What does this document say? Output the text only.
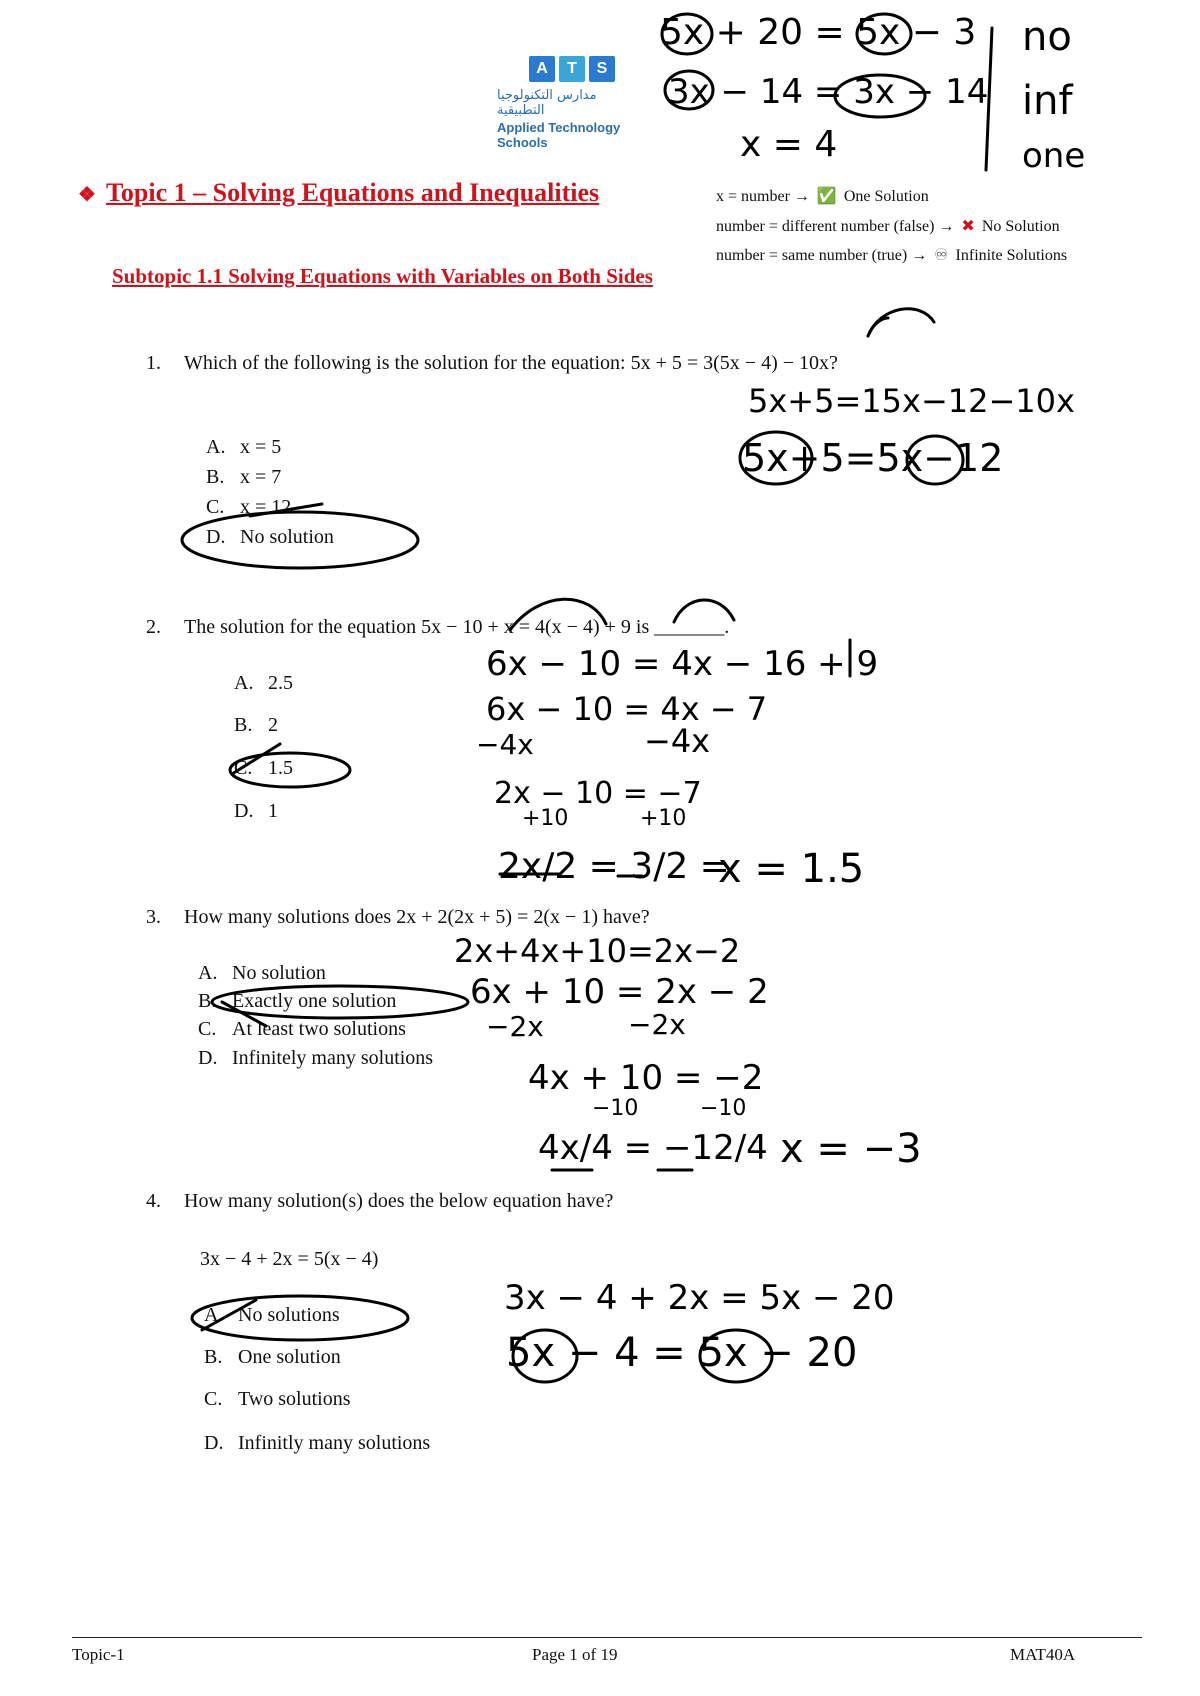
A	T	S
مدارس التكنولوجيا التطبيقية
Applied Technology Schools
5x + 20 = 5x − 3
3x − 14 = 3x − 14
x = 4
no
inf
one
❖ Topic 1 – Solving Equations and Inequalities	x = number → ✅ One Solution
number = different number (false) → ✖ No Solution
number = same number (true) → ♾ Infinite Solutions
Subtopic 1.1 Solving Equations with Variables on Both Sides
1. Which of the following is the solution for the equation: 5x + 5 = 3(5x − 4) − 10x?
A. x = 5
B. x = 7
C. x = 12
D. No solution
5x+5=15x−12−10x
5x+5=5x−12
2. The solution for the equation 5x − 10 + x = 4(x − 4) + 9 is _______.
A. 2.5
B. 2
C. 1.5
D. 1
6x − 10 = 4x − 16 + 9
6x − 10 = 4x − 7
−4x	−4x
2x − 10 = −7
+10	+10
2x/2 = 3/2 =
x = 1.5
3. How many solutions does 2x + 2(2x + 5) = 2(x − 1) have?
A. No solution
B. Exactly one solution
C. At least two solutions
D. Infinitely many solutions
2x+4x+10=2x−2
6x + 10 = 2x − 2
−2x	−2x
4x + 10 = −2
−10	−10
4x/4 = −12/4 x = −3
4. How many solution(s) does the below equation have?
3x − 4 + 2x = 5(x − 4)
A. No solutions
B. One solution
C. Two solutions
D. Infinitly many solutions
3x − 4 + 2x = 5x − 20
5x − 4 = 5x − 20
Topic-1	Page 1 of 19	MAT40A
